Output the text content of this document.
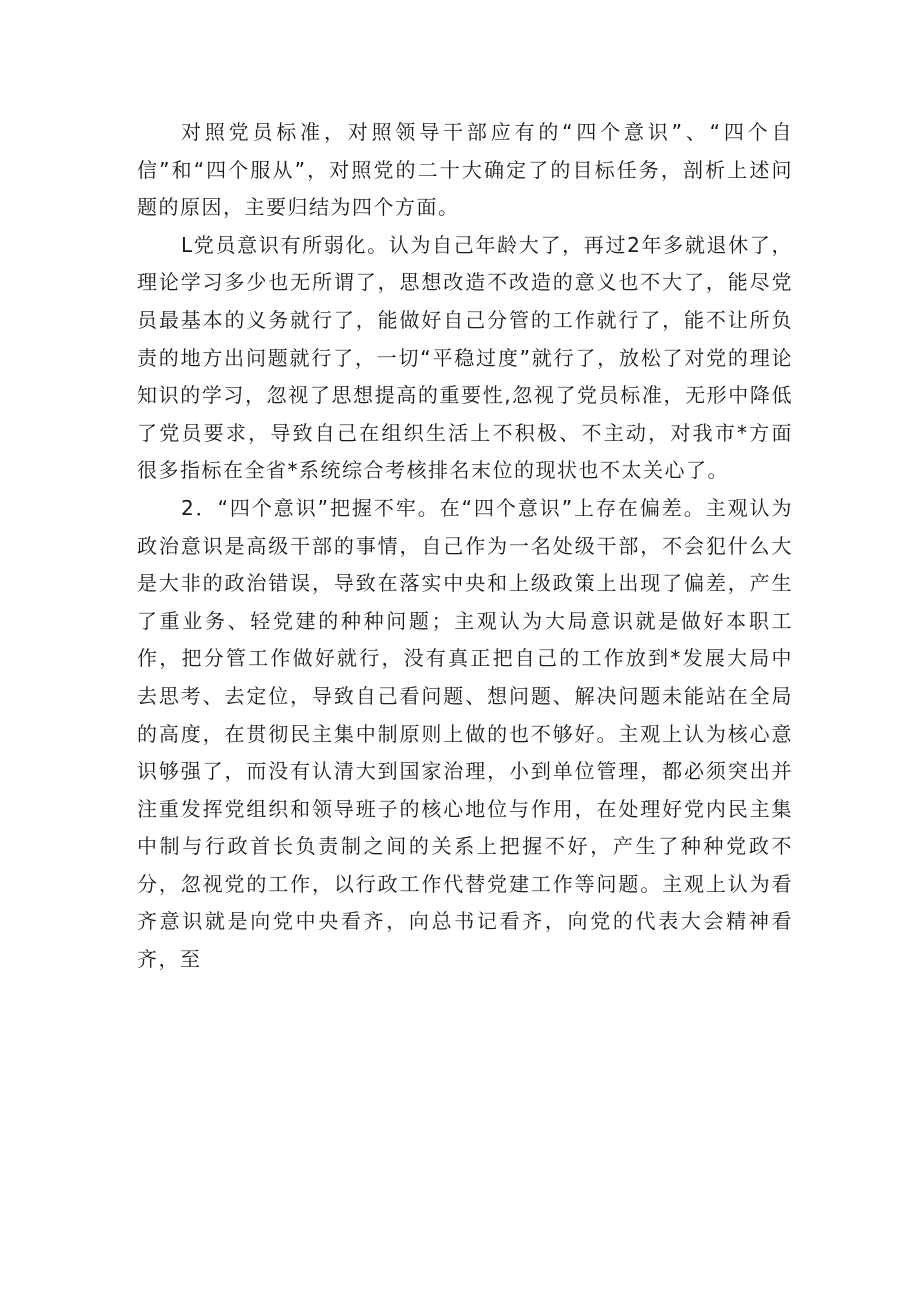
对照党员标准，对照领导干部应有的“四个意识”、“四个自信”和“四个服从”，对照党的二十大确定了的目标任务，剖析上述问题的原因，主要归结为四个方面。

L党员意识有所弱化。认为自己年龄大了，再过2年多就退休了，理论学习多少也无所谓了，思想改造不改造的意义也不大了，能尽党员最基本的义务就行了，能做好自己分管的工作就行了，能不让所负责的地方出问题就行了，一切“平稳过度”就行了，放松了对党的理论知识的学习，忽视了思想提高的重要性,忽视了党员标准，无形中降低了党员要求，导致自己在组织生活上不积极、不主动，对我市*方面很多指标在全省*系统综合考核排名末位的现状也不太关心了。

2．“四个意识”把握不牢。在“四个意识”上存在偏差。主观认为政治意识是高级干部的事情，自己作为一名处级干部，不会犯什么大是大非的政治错误，导致在落实中央和上级政策上出现了偏差，产生了重业务、轻党建的种种问题；主观认为大局意识就是做好本职工作，把分管工作做好就行，没有真正把自己的工作放到*发展大局中去思考、去定位，导致自己看问题、想问题、解决问题未能站在全局的高度，在贯彻民主集中制原则上做的也不够好。主观上认为核心意识够强了，而没有认清大到国家治理，小到单位管理，都必须突出并注重发挥党组织和领导班子的核心地位与作用，在处理好党内民主集中制与行政首长负责制之间的关系上把握不好，产生了种种党政不分，忽视党的工作，以行政工作代替党建工作等问题。主观上认为看齐意识就是向党中央看齐，向总书记看齐，向党的代表大会精神看齐，至
